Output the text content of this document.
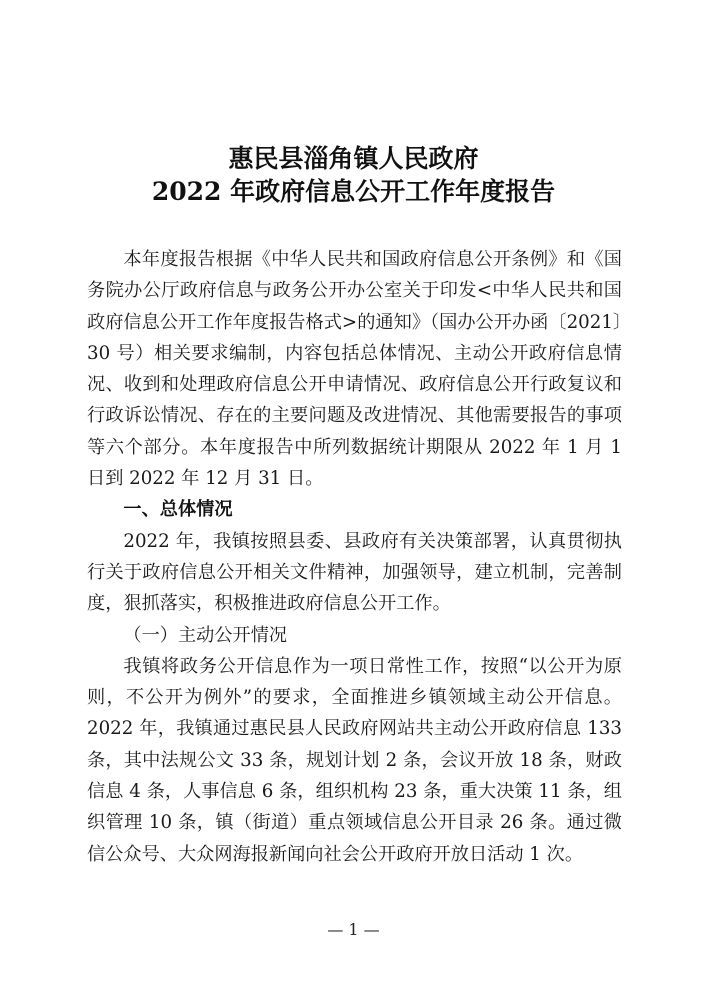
惠民县淄角镇人民政府
2022 年政府信息公开工作年度报告

本年度报告根据《中华人民共和国政府信息公开条例》和《国务院办公厅政府信息与政务公开办公室关于印发<中华人民共和国政府信息公开工作年度报告格式>的通知》（国办公开办函〔2021〕30 号）相关要求编制，内容包括总体情况、主动公开政府信息情况、收到和处理政府信息公开申请情况、政府信息公开行政复议和行政诉讼情况、存在的主要问题及改进情况、其他需要报告的事项等六个部分。本年度报告中所列数据统计期限从 2022 年 1 月 1 日到 2022 年 12 月 31 日。

一、总体情况

2022 年，我镇按照县委、县政府有关决策部署，认真贯彻执行关于政府信息公开相关文件精神，加强领导，建立机制，完善制度，狠抓落实，积极推进政府信息公开工作。

（一）主动公开情况

我镇将政务公开信息作为一项日常性工作，按照“以公开为原则，不公开为例外”的要求，全面推进乡镇领域主动公开信息。2022 年，我镇通过惠民县人民政府网站共主动公开政府信息 133 条，其中法规公文 33 条，规划计划 2 条，会议开放 18 条，财政信息 4 条，人事信息 6 条，组织机构 23 条，重大决策 11 条，组织管理 10 条，镇（街道）重点领域信息公开目录 26 条。通过微信公众号、大众网海报新闻向社会公开政府开放日活动 1 次。

— 1 —
